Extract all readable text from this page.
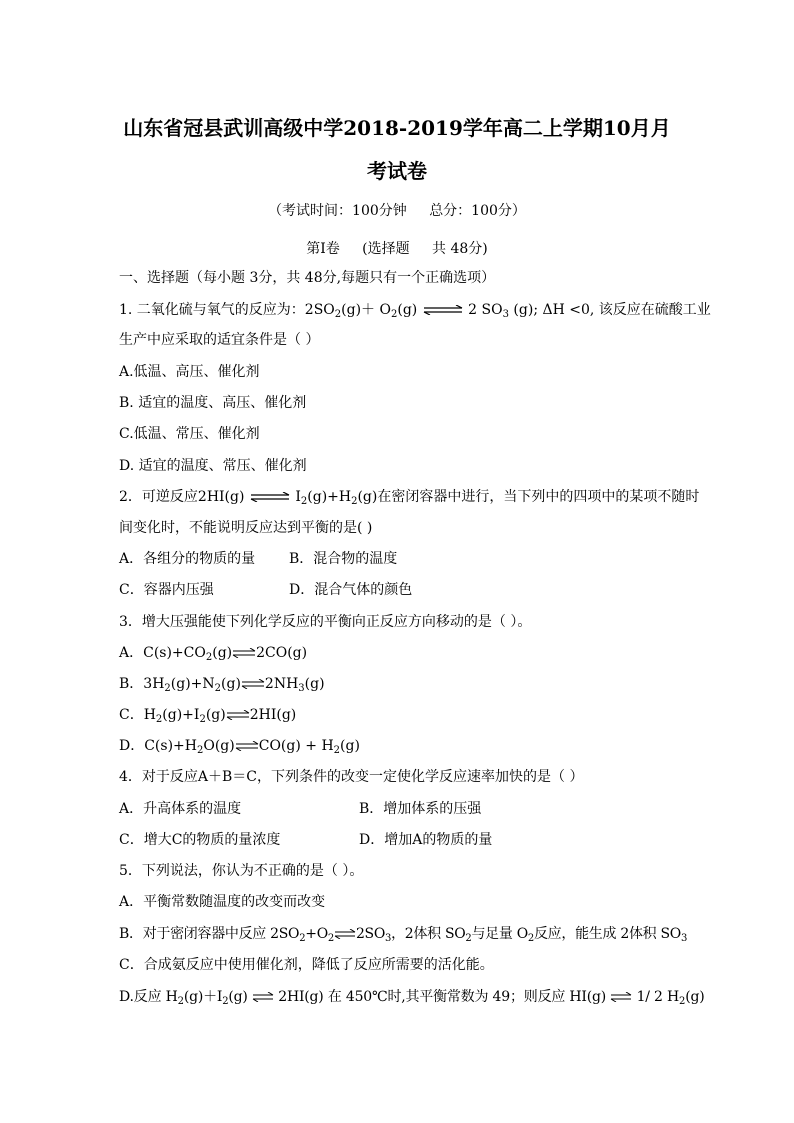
山东省冠县武训高级中学2018-2019学年高二上学期10月月
考试卷
（考试时间：100分钟 总分：100分）
第Ⅰ卷 (选择题 共 48分)
一、选择题（每小题 3分，共 48分,每题只有一个正确选项）
1. 二氧化硫与氧气的反应为：$2SO_2(g)+ O_2(g)$ ⇌ 2 $SO_3$ (g); ΔH <0, 该反应在硫酸工业
生产中应采取的适宜条件是（ ）
A.低温、高压、催化剂
B. 适宜的温度、高压、催化剂
C.低温、常压、催化剂
D. 适宜的温度、常压、催化剂
2．可逆反应2HI(g) ⇌ $I_2(g)+H_2(g)$在密闭容器中进行，当下列中的四项中的某项不随时
间变化时，不能说明反应达到平衡的是( )
A．各组分的物质的量 B．混合物的温度
C．容器内压强	D．混合气体的颜色
3．增大压强能使下列化学反应的平衡向正反应方向移动的是（ ）。
A．$C(s)+CO_2(g)\rightleftharpoons 2CO(g)$
B．$3H_2(g)+N_2(g)\rightleftharpoons 2NH_3(g)$
C．$H_2(g)+I_2(g)\rightleftharpoons 2HI(g)$
D．$C(s)+H_2O(g)\rightleftharpoons CO(g) + H_2(g)$
4．对于反应A＋B＝C，下列条件的改变一定使化学反应速率加快的是（ ）
A．升高体系的温度	B．增加体系的压强
C．增大C的物质的量浓度	D．增加A的物质的量
5．下列说法，你认为不正确的是（ ）。
A．平衡常数随温度的改变而改变
B．对于密闭容器中反应 $2SO_2+O_2\rightleftharpoons 2SO_3$，2体积 $SO_2$与足量 $O_2$反应，能生成 2体积 $SO_3$
C．合成氨反应中使用催化剂，降低了反应所需要的活化能。
D.反应 $H_2(g)+I_2(g)$ 2HI(g) 在 450℃时,其平衡常数为 49；则反应 HI(g) 1/ 2 $H_2(g)$
